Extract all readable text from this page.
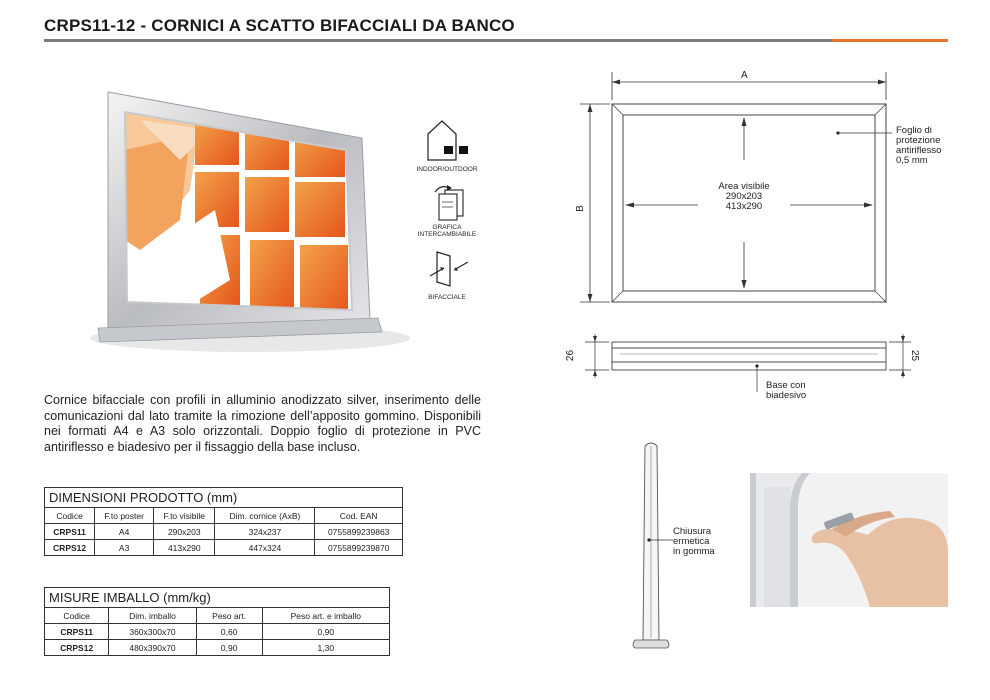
CRPS11-12 - CORNICI A SCATTO BIFACCIALI DA BANCO
INDOOR/OUTDOOR
GRAFICA INTERCAMBIABILE
BIFACCIALE
A
B
Area visibile
290x203
413x290
Foglio di
protezione
antiriflesso
0,5 mm
26	25
Base con
biadesivo
Chiusura
ermetica
in gomma
Cornice bifacciale con profili in alluminio anodizzato silver, inserimento delle comunicazioni dal lato tramite la rimozione dell’apposito gommino. Disponibili nei formati A4 e A3 solo orizzontali. Doppio foglio di protezione in PVC antiriflesso e biadesivo per il fissaggio della base incluso.
DIMENSIONI PRODOTTO (mm)				
Codice	F.to poster	F.to visibile	Dim. cornice (AxB)	Cod. EAN
CRPS11	A4	290x203	324x237	0755899239863
CRPS12	A3	413x290	447x324	0755899239870
MISURE IMBALLO (mm/kg)			
Codice	Dim. imballo	Peso art.	Peso art. e imballo
CRPS11	360x300x70	0,60	0,90
CRPS12	480x390x70	0,90	1,30
